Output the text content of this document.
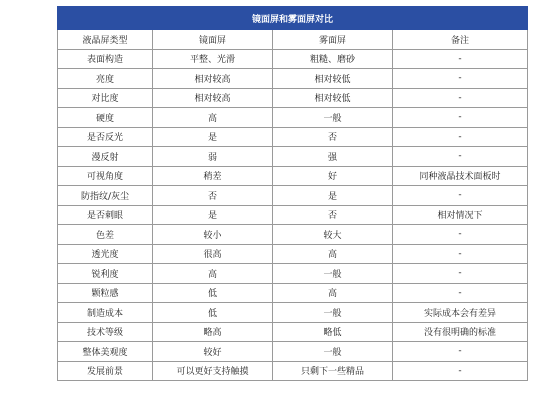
镜面屏和雾面屏对比			
液晶屏类型	镜面屏	雾面屏	备注
表面构造	平整、光滑	粗糙、磨砂	-
亮度	相对较高	相对较低	-
对比度	相对较高	相对较低	-
硬度	高	一般	-
是否反光	是	否	-
漫反射	弱	强	-
可视角度	稍差	好	同种液晶技术面板时
防指纹/灰尘	否	是	-
是否刺眼	是	否	相对情况下
色差	较小	较大	-
透光度	很高	高	-
锐利度	高	一般	-
颗粒感	低	高	-
制造成本	低	一般	实际成本会有差异
技术等级	略高	略低	没有很明确的标准
整体美观度	较好	一般	-
发展前景	可以更好支持触摸	只剩下一些精品	-
